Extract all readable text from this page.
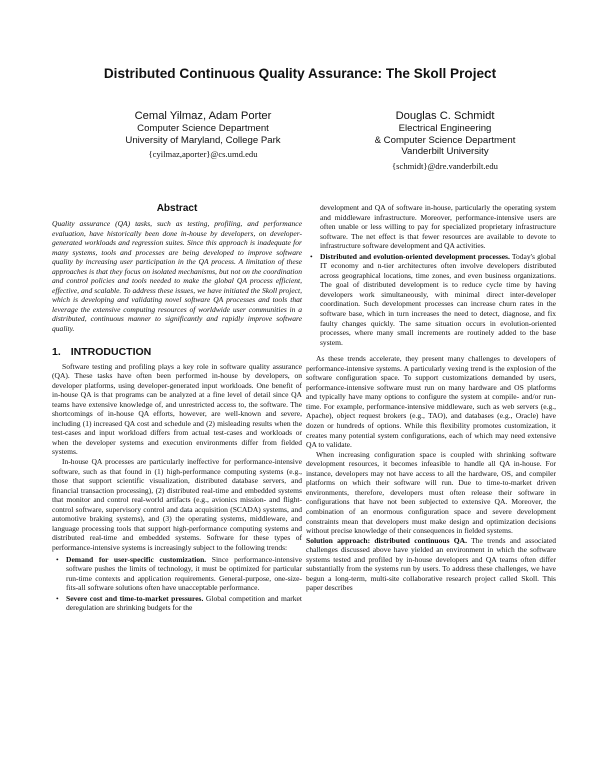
Distributed Continuous Quality Assurance: The Skoll Project
Cemal Yilmaz, Adam Porter
Computer Science Department
University of Maryland, College Park
{cyilmaz,aporter}@cs.umd.edu
Douglas C. Schmidt
Electrical Engineering
& Computer Science Department
Vanderbilt University
{schmidt}@dre.vanderbilt.edu
Abstract

Quality assurance (QA) tasks, such as testing, profiling, and performance evaluation, have historically been done in-house by developers, on developer-generated workloads and regression suites. Since this approach is inadequate for many systems, tools and processes are being developed to improve software quality by increasing user participation in the QA process. A limitation of these approaches is that they focus on isolated mechanisms, but not on the coordination and control policies and tools needed to make the global QA process efficient, effective, and scalable. To address these issues, we have initiated the Skoll project, which is developing and validating novel software QA processes and tools that leverage the extensive computing resources of worldwide user communities in a distributed, continuous manner to significantly and rapidly improve software quality.

1. INTRODUCTION

Software testing and profiling plays a key role in software quality assurance (QA). These tasks have often been performed in-house by developers, on developer platforms, using developer-generated input workloads. One benefit of in-house QA is that programs can be analyzed at a fine level of detail since QA teams have extensive knowledge of, and unrestricted access to, the software. The shortcomings of in-house QA efforts, however, are well-known and severe, including (1) increased QA cost and schedule and (2) misleading results when the test-cases and input workload differs from actual test-cases and workloads or when the developer systems and execution environments differ from fielded systems.

In-house QA processes are particularly ineffective for performance-intensive software, such as that found in (1) high-performance computing systems (e.g., those that support scientific visualization, distributed database servers, and financial transaction processing), (2) distributed real-time and embedded systems that monitor and control real-world artifacts (e.g., avionics mission- and flight-control software, supervisory control and data acquisition (SCADA) systems, and automotive braking systems), and (3) the operating systems, middleware, and language processing tools that support high-performance computing systems and distributed real-time and embedded systems. Software for these types of performance-intensive systems is increasingly subject to the following trends:

• Demand for user-specific customization. Since performance-intensive software pushes the limits of technology, it must be optimized for particular run-time contexts and application requirements. General-purpose, one-size-fits-all software solutions often have unacceptable performance.
• Severe cost and time-to-market pressures. Global competition and market deregulation are shrinking budgets for the
development and QA of software in-house, particularly the operating system and middleware infrastructure. Moreover, performance-intensive users are often unable or less willing to pay for specialized proprietary infrastructure software. The net effect is that fewer resources are available to devote to infrastructure software development and QA activities.
• Distributed and evolution-oriented development processes. Today's global IT economy and n-tier architectures often involve developers distributed across geographical locations, time zones, and even business organizations. The goal of distributed development is to reduce cycle time by having developers work simultaneously, with minimal direct inter-developer coordination. Such development processes can increase churn rates in the software base, which in turn increases the need to detect, diagnose, and fix faulty changes quickly. The same situation occurs in evolution-oriented processes, where many small increments are routinely added to the base system.

As these trends accelerate, they present many challenges to developers of performance-intensive systems. A particularly vexing trend is the explosion of the software configuration space. To support customizations demanded by users, performance-intensive software must run on many hardware and OS platforms and typically have many options to configure the system at compile- and/or run-time. For example, performance-intensive middleware, such as web servers (e.g., Apache), object request brokers (e.g., TAO), and databases (e.g., Oracle) have dozen or hundreds of options. While this flexibility promotes customization, it creates many potential system configurations, each of which may need extensive QA to validate.

When increasing configuration space is coupled with shrinking software development resources, it becomes infeasible to handle all QA in-house. For instance, developers may not have access to all the hardware, OS, and compiler platforms on which their software will run. Due to time-to-market driven environments, therefore, developers must often release their software in configurations that have not been subjected to extensive QA. Moreover, the combination of an enormous configuration space and severe development constraints mean that developers must make design and optimization decisions without precise knowledge of their consequences in fielded systems.

Solution approach: distributed continuous QA. The trends and associated challenges discussed above have yielded an environment in which the software systems tested and profiled by in-house developers and QA teams often differ substantially from the systems run by users. To address these challenges, we have begun a long-term, multi-site collaborative research project called Skoll. This paper describes
